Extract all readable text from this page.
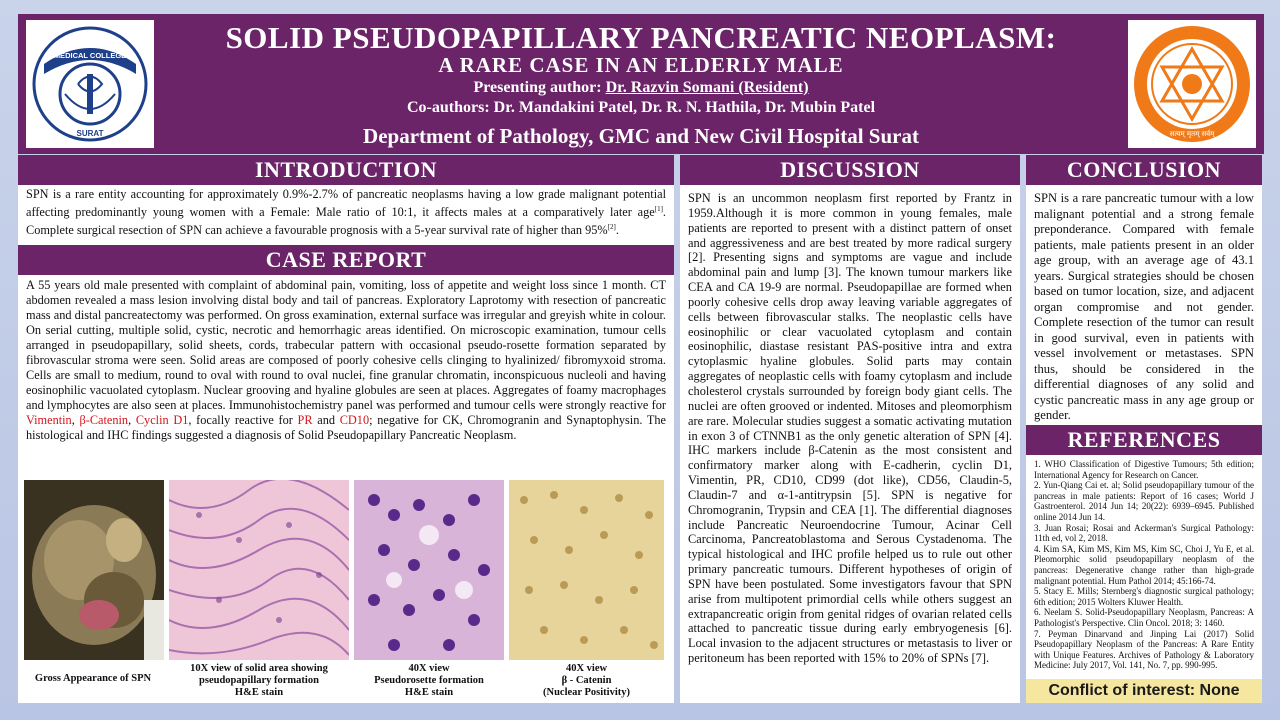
GOVERNMENT
MEDICAL COLLEGE
SURAT
SOLID PSEUDOPAPILLARY PANCREATIC NEOPLASM:
A RARE CASE IN AN ELDERLY MALE
Presenting author: Dr. Razvin Somani (Resident)
Co-authors: Dr. Mandakini Patel, Dr. R. N. Hathila, Dr. Mubin Patel
Department of Pathology, GMC and New Civil Hospital Surat	सत्यम् मृतम् सर्वम्
INTRODUCTION
SPN is a rare entity accounting for approximately 0.9%-2.7% of pancreatic neoplasms having a low grade malignant potential affecting predominantly young women with a Female: Male ratio of 10:1, it affects males at a comparatively later age[1]. Complete surgical resection of SPN can achieve a favourable prognosis with a 5-year survival rate of higher than 95%[2].
CASE REPORT
A 55 years old male presented with complaint of abdominal pain, vomiting, loss of appetite and weight loss since 1 month. CT abdomen revealed a mass lesion involving distal body and tail of pancreas. Exploratory Laprotomy with resection of pancreatic mass and distal pancreatectomy was performed. On gross examination, external surface was irregular and greyish white in colour. On serial cutting, multiple solid, cystic, necrotic and hemorrhagic areas identified. On microscopic examination, tumour cells arranged in pseudopapillary, solid sheets, cords, trabecular pattern with occasional pseudo-rosette formation separated by fibrovascular stroma were seen. Solid areas are composed of poorly cohesive cells clinging to hyalinized/ fibromyxoid stroma. Cells are small to medium, round to oval with round to oval nuclei, fine granular chromatin, inconspicuous nucleoli and having eosinophilic vacuolated cytoplasm. Nuclear grooving and hyaline globules are seen at places. Aggregates of foamy macrophages and lymphocytes are also seen at places. Immunohistochemistry panel was performed and tumour cells were strongly reactive for Vimentin, β-Catenin, Cyclin D1, focally reactive for PR and CD10; negative for CK, Chromogranin and Synaptophysin. The histological and IHC findings suggested a diagnosis of Solid Pseudopapillary Pancreatic Neoplasm.
Gross Appearance of SPN
10X view of solid area showing pseudopapillary formation
H&E stain
40X view
Pseudorosette formation
H&E stain
40X view
β - Catenin
(Nuclear Positivity)
DISCUSSION
SPN is an uncommon neoplasm first reported by Frantz in 1959.Although it is more common in young females, male patients are reported to present with a distinct pattern of onset and aggressiveness and are best treated by more radical surgery [2]. Presenting signs and symptoms are vague and include abdominal pain and lump [3]. The known tumour markers like CEA and CA 19-9 are normal. Pseudopapillae are formed when poorly cohesive cells drop away leaving variable aggregates of cells between fibrovascular stalks. The neoplastic cells have eosinophilic or clear vacuolated cytoplasm and contain eosinophilic, diastase resistant PAS-positive intra and extra cytoplasmic hyaline globules. Solid parts may contain aggregates of neoplastic cells with foamy cytoplasm and include cholesterol crystals surrounded by foreign body giant cells. The nuclei are often grooved or indented. Mitoses and pleomorphism are rare. Molecular studies suggest a somatic activating mutation in exon 3 of CTNNB1 as the only genetic alteration of SPN [4]. IHC markers include β-Catenin as the most consistent and confirmatory marker along with E-cadherin, cyclin D1, Vimentin, PR, CD10, CD99 (dot like), CD56, Claudin-5, Claudin-7 and α-1-antitrypsin [5]. SPN is negative for Chromogranin, Trypsin and CEA [1]. The differential diagnoses include Pancreatic Neuroendocrine Tumour, Acinar Cell Carcinoma, Pancreatoblastoma and Serous Cystadenoma. The typical histological and IHC profile helped us to rule out other primary pancreatic tumours. Different hypotheses of origin of SPN have been postulated. Some investigators favour that SPN arise from multipotent primordial cells while others suggest an extrapancreatic origin from genital ridges of ovarian related cells attached to pancreatic tissue during early embryogenesis [6]. Local invasion to the adjacent structures or metastasis to liver or peritoneum has been reported with 15% to 20% of SPNs [7].
CONCLUSION
SPN is a rare pancreatic tumour with a low malignant potential and a strong female preponderance. Compared with female patients, male patients present in an older age group, with an average age of 43.1 years. Surgical strategies should be chosen based on tumor location, size, and adjacent organ compromise and not gender. Complete resection of the tumor can result in good survival, even in patients with vessel involvement or metastases. SPN thus, should be considered in the differential diagnoses of any solid and cystic pancreatic mass in any age group or gender.
REFERENCES

1. WHO Classification of Digestive Tumours; 5th edition; International Agency for Research on Cancer.

2. Yun-Qiang Cai et. al; Solid pseudopapillary tumour of the pancreas in male patients: Report of 16 cases; World J Gastroenterol. 2014 Jun 14; 20(22): 6939–6945. Published online 2014 Jun 14.

3. Juan Rosai; Rosai and Ackerman's Surgical Pathology: 11th ed, vol 2, 2018.

4. Kim SA, Kim MS, Kim MS, Kim SC, Choi J, Yu E, et al. Pleomorphic solid pseudopapillary neoplasm of the pancreas: Degenerative change rather than high-grade malignant potential. Hum Pathol 2014; 45:166-74.

5. Stacy E. Mills; Sternberg's diagnostic surgical pathology; 6th edition; 2015 Wolters Kluwer Health.

6. Neelam S. Solid-Pseudopapillary Neoplasm, Pancreas: A Pathologist's Perspective. Clin Oncol. 2018; 3: 1460.

7. Peyman Dinarvand and Jinping Lai (2017) Solid Pseudopapillary Neoplasm of the Pancreas: A Rare Entity with Unique Features. Archives of Pathology & Laboratory Medicine: July 2017, Vol. 141, No. 7, pp. 990-995.

Conflict of interest: None
